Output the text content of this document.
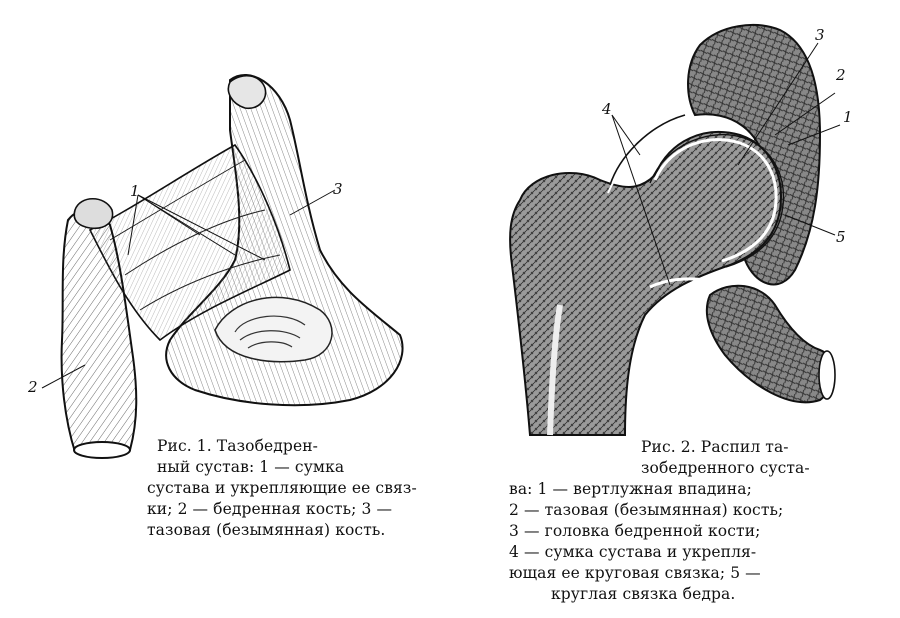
1
2
3
Рис. 1. Тазобедрен-
ный сустав: 1 — сумка
сустава и укрепляющие ее связ-
ки; 2 — бедренная кость; 3 —
тазовая (безымянная) кость.
3
2
1
4
5
Рис. 2. Распил та-
зобедренного суста-
ва: 1 — вертлужная впадина;
2 — тазовая (безымянная) кость;
3 — головка бедренной кости;
4 — сумка сустава и укрепля-
ющая ее круговая связка; 5 —
круглая связка бедра.
